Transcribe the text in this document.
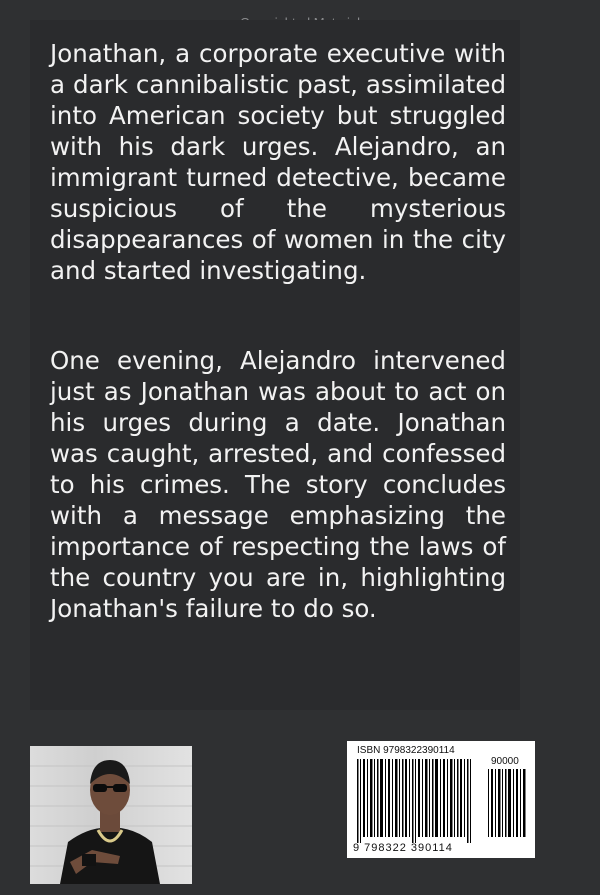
Jonathan, a corporate executive with a dark cannibalistic past, assimilated into American society but struggled with his dark urges. Alejandro, an immigrant turned detective, became suspicious of the mysterious disappearances of women in the city and started investigating.

One evening, Alejandro intervened just as Jonathan was about to act on his urges during a date. Jonathan was caught, arrested, and confessed to his crimes. The story concludes with a message emphasizing the importance of respecting the laws of the country you are in, highlighting Jonathan's failure to do so.

ISBN 9798322390114
90000
9 798322 390114
